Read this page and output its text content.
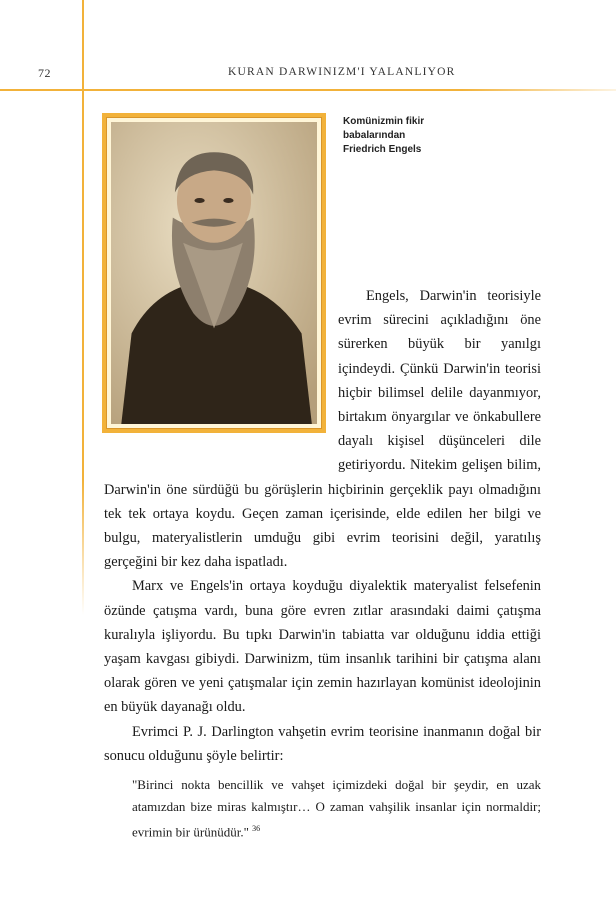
72	KURAN DARWINIZM'I YALANLIYOR
Komünizmin fikir
babalarından
Friedrich Engels

Engels, Darwin'in teorisiyle evrim sürecini açıkladığını öne sürerken büyük bir yanılgı içindeydi. Çünkü Darwin'in teorisi hiçbir bilimsel delile dayanmıyor, birtakım önyargılar ve önkabullere dayalı kişisel düşünceleri dile getiriyordu. Nitekim gelişen bilim, Darwin'in öne sürdüğü bu görüşlerin hiçbirinin gerçeklik payı olmadığını tek tek ortaya koydu. Geçen zaman içerisinde, elde edilen her bilgi ve bulgu, materyalistlerin umduğu gibi evrim teorisini değil, yaratılış gerçeğini bir kez daha ispatladı.

Marx ve Engels'in ortaya koyduğu diyalektik materyalist felsefenin özünde çatışma vardı, buna göre evren zıtlar arasındaki daimi çatışma kuralıyla işliyordu. Bu tıpkı Darwin'in tabiatta var olduğunu iddia ettiği yaşam kavgası gibiydi. Darwinizm, tüm insanlık tarihini bir çatışma alanı olarak gören ve yeni çatışmalar için zemin hazırlayan komünist ideolojinin en büyük dayanağı oldu.

Evrimci P. J. Darlington vahşetin evrim teorisine inanmanın doğal bir sonucu olduğunu şöyle belirtir:

"Birinci nokta bencillik ve vahşet içimizdeki doğal bir şeydir, en uzak atamızdan bize miras kalmıştır… O zaman vahşilik insanlar için normaldir; evrimin bir ürünüdür." $^{36}$
